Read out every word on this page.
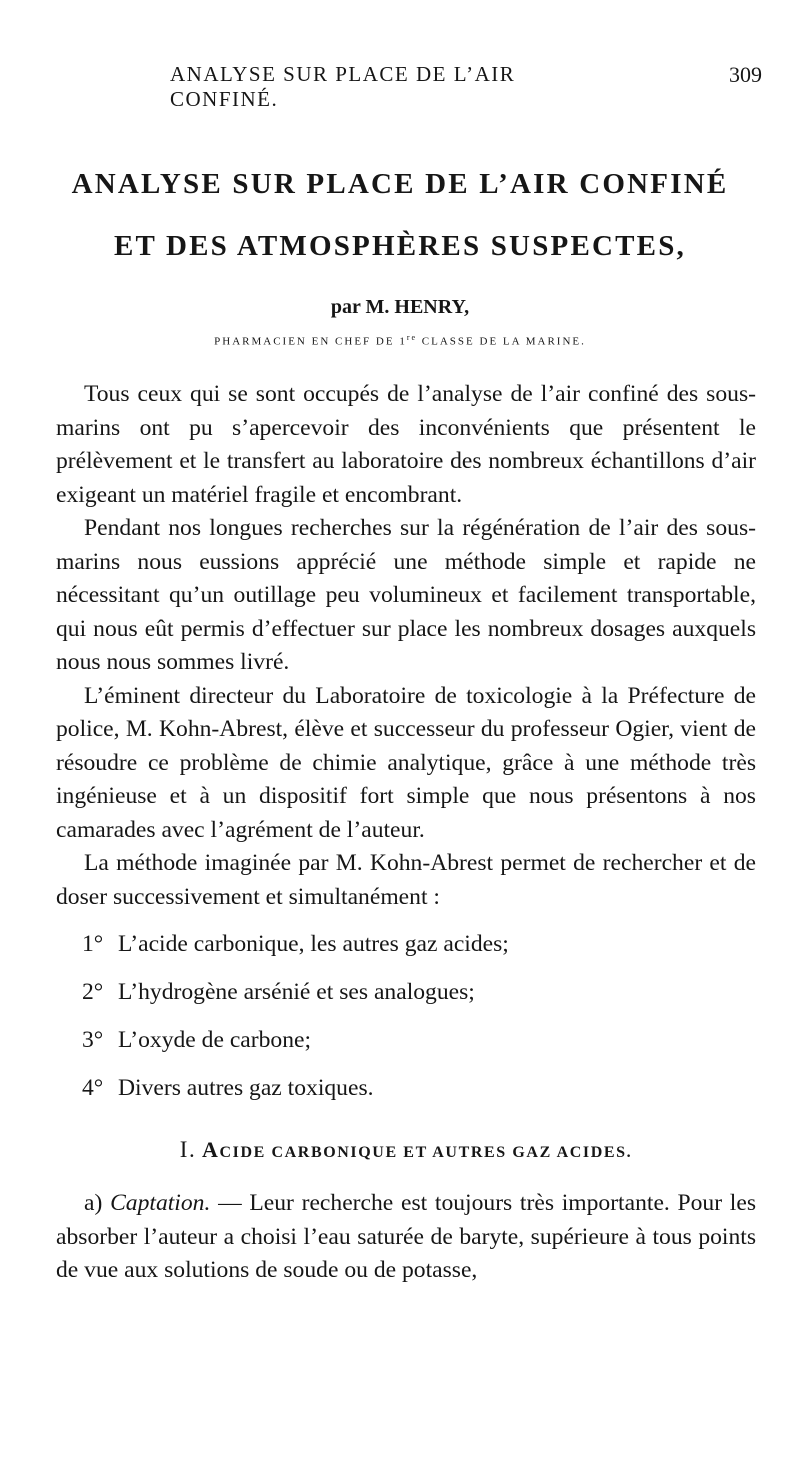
ANALYSE SUR PLACE DE L’AIR CONFINÉ.
309
ANALYSE SUR PLACE DE L’AIR CONFINÉ
ET DES ATMOSPHÈRES SUSPECTES,
par M. HENRY,
PHARMACIEN EN CHEF DE 1re CLASSE DE LA MARINE.

Tous ceux qui se sont occupés de l’analyse de l’air confiné des sous-marins ont pu s’apercevoir des inconvénients que présentent le prélèvement et le transfert au laboratoire des nombreux échantillons d’air exigeant un matériel fragile et encombrant.

Pendant nos longues recherches sur la régénération de l’air des sous-marins nous eussions apprécié une méthode simple et rapide ne nécessitant qu’un outillage peu volumineux et facilement transportable, qui nous eût permis d’effectuer sur place les nombreux dosages auxquels nous nous sommes livré.

L’éminent directeur du Laboratoire de toxicologie à la Préfecture de police, M. Kohn-Abrest, élève et successeur du professeur Ogier, vient de résoudre ce problème de chimie analytique, grâce à une méthode très ingénieuse et à un dispositif fort simple que nous présentons à nos camarades avec l’agrément de l’auteur.

La méthode imaginée par M. Kohn-Abrest permet de rechercher et de doser successivement et simultanément :

1° L’acide carbonique, les autres gaz acides;
2° L’hydrogène arsénié et ses analogues;
3° L’oxyde de carbone;
4° Divers autres gaz toxiques.
I. ACIDE CARBONIQUE ET AUTRES GAZ ACIDES.

a) Captation. — Leur recherche est toujours très importante. Pour les absorber l’auteur a choisi l’eau saturée de baryte, supérieure à tous points de vue aux solutions de soude ou de potasse,
